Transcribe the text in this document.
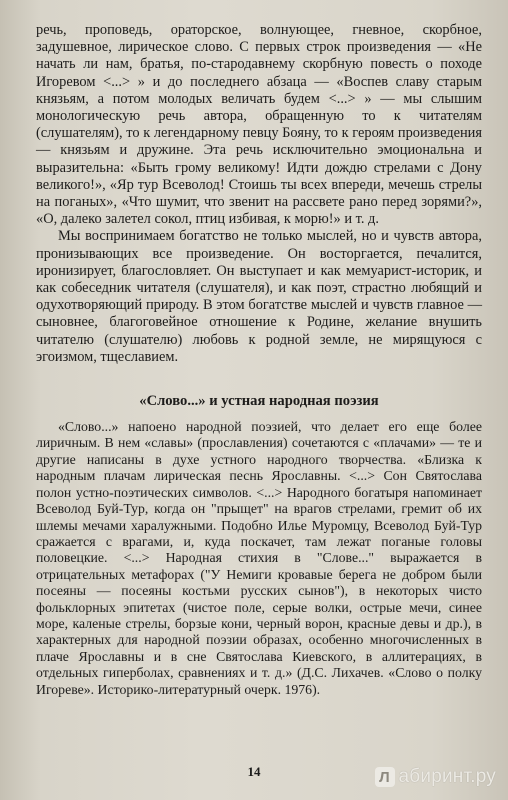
речь, проповедь, ораторское, волнующее, гневное, скорбное, задушевное, лирическое слово. С первых строк произведения — «Не начать ли нам, братья, по-стародавнему скорбную повесть о походе Игоревом <...> » и до последнего абзаца — «Воспев славу старым князьям, а потом молодых величать будем <...> » — мы слышим монологическую речь автора, обращенную то к читателям (слушателям), то к легендарному певцу Бояну, то к героям произведения — князьям и дружине. Эта речь исключительно эмоциональна и выразительна: «Быть грому великому! Идти дождю стрелами с Дону великого!», «Яр тур Всеволод! Стоишь ты всех впереди, мечешь стрелы на поганых», «Что шумит, что звенит на рассвете рано перед зорями?», «О, далеко залетел сокол, птиц избивая, к морю!» и т. д.

Мы воспринимаем богатство не только мыслей, но и чувств автора, пронизывающих все произведение. Он восторгается, печалится, иронизирует, благословляет. Он выступает и как мемуарист-историк, и как собеседник читателя (слушателя), и как поэт, страстно любящий и одухотворяющий природу. В этом богатстве мыслей и чувств главное — сыновнее, благоговейное отношение к Родине, желание внушить читателю (слушателю) любовь к родной земле, не мирящуюся с эгоизмом, тщеславием.

«Слово...» и устная народная поэзия

«Слово...» напоено народной поэзией, что делает его еще более лиричным. В нем «славы» (прославления) сочетаются с «плачами» — те и другие написаны в духе устного народного творчества. «Близка к народным плачам лирическая песнь Ярославны. <...> Сон Святослава полон устно-поэтических символов. <...> Народного богатыря напоминает Всеволод Буй-Тур, когда он "прыщет" на врагов стрелами, гремит об их шлемы мечами харалужными. Подобно Илье Муромцу, Всеволод Буй-Тур сражается с врагами, и, куда поскачет, там лежат поганые головы половецкие. <...> Народная стихия в "Слове..." выражается в отрицательных метафорах ("У Немиги кровавые берега не добром были посеяны — посеяны костьми русских сынов"), в некоторых чисто фольклорных эпитетах (чистое поле, серые волки, острые мечи, синее море, каленые стрелы, борзые кони, черный ворон, красные девы и др.), в характерных для народной поэзии образах, особенно многочисленных в плаче Ярославны и в сне Святослава Киевского, в аллитерациях, в отдельных гиперболах, сравнениях и т. д.» (Д.С. Лихачев. «Слово о полку Игореве». Историко-литературный очерк. 1976).

14	Л абиринт.ру
